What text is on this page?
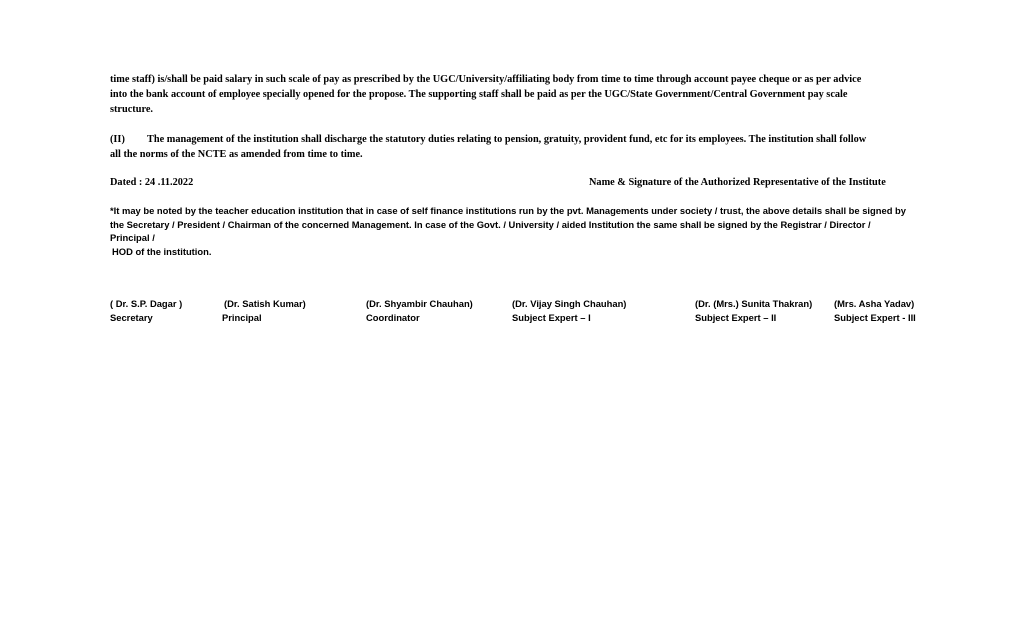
time staff) is/shall be paid salary in such scale of pay as prescribed by the UGC/University/affiliating body from time to time through account payee cheque or as per advice
into the bank account of employee specially opened for the propose. The supporting staff shall be paid as per the UGC/State Government/Central Government pay scale
structure.
(II) The management of the institution shall discharge the statutory duties relating to pension, gratuity, provident fund, etc for its employees. The institution shall follow
all the norms of the NCTE as amended from time to time.
Dated : 24 .11.2022	Name & Signature of the Authorized Representative of the Institute
*It may be noted by the teacher education institution that in case of self finance institutions run by the pvt. Managements under society / trust, the above details shall be signed by
the Secretary / President / Chairman of the concerned Management. In case of the Govt. / University / aided Institution the same shall be signed by the Registrar / Director /
Principal /
HOD of the institution.
( Dr. S.P. Dagar )
Secretary
(Dr. Satish Kumar)
Principal
(Dr. Shyambir Chauhan)
Coordinator
(Dr. Vijay Singh Chauhan)
Subject Expert – I
(Dr. (Mrs.) Sunita Thakran)
Subject Expert – II
(Mrs. Asha Yadav)
Subject Expert - III
